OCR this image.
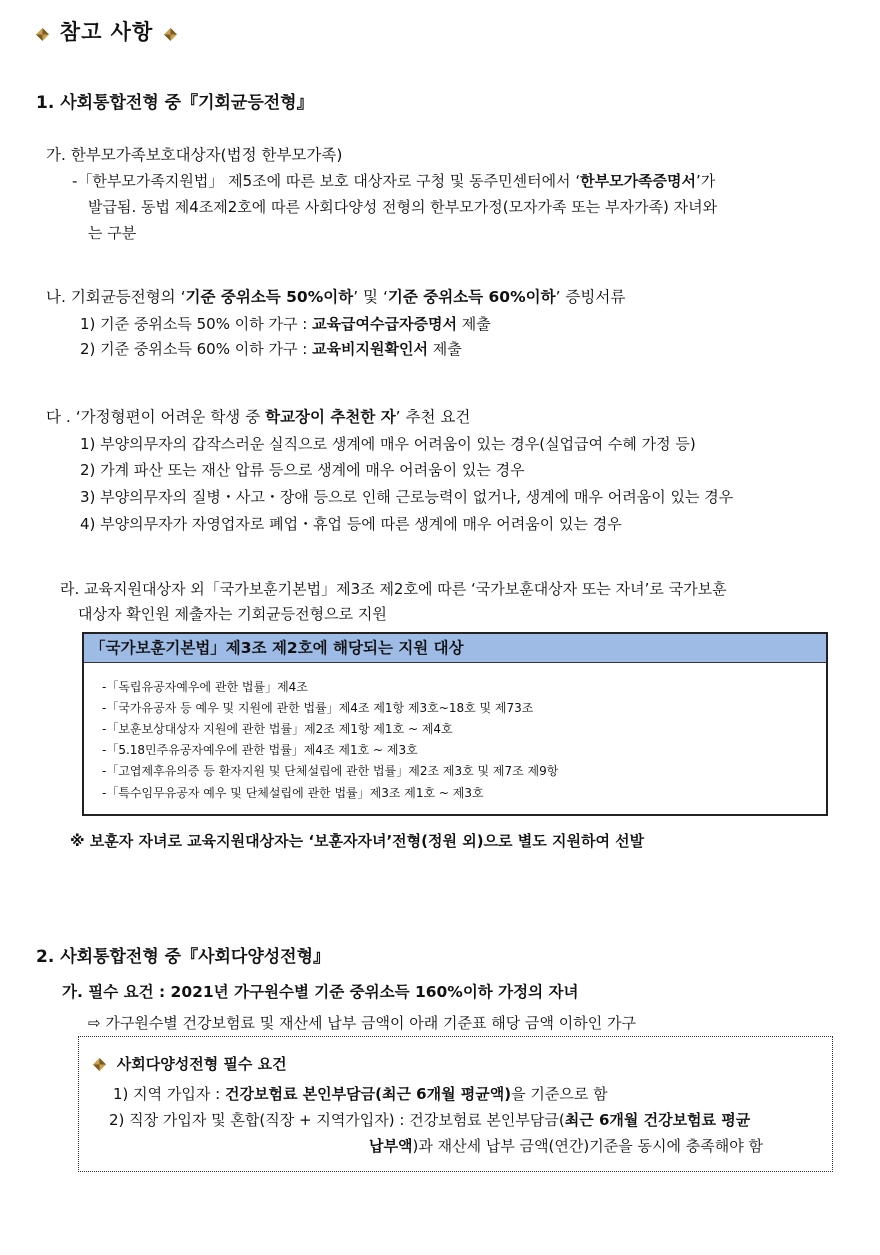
참고 사항
1. 사회통합전형 중『기회균등전형』
가. 한부모가족보호대상자(법정 한부모가족)
-「한부모가족지원법」 제5조에 따른 보호 대상자로 구청 및 동주민센터에서 ‘한부모가족증명서’가
발급됨. 동법 제4조제2호에 따른 사회다양성 전형의 한부모가정(모자가족 또는 부자가족) 자녀와
는 구분
나. 기회균등전형의 ‘기준 중위소득 50%이하’ 및 ‘기준 중위소득 60%이하’ 증빙서류
1) 기준 중위소득 50% 이하 가구 : 교육급여수급자증명서 제출
2) 기준 중위소득 60% 이하 가구 : 교육비지원확인서 제출
다 . ‘가정형편이 어려운 학생 중 학교장이 추천한 자’ 추천 요건
1) 부양의무자의 갑작스러운 실직으로 생계에 매우 어려움이 있는 경우(실업급여 수혜 가정 등)
2) 가계 파산 또는 재산 압류 등으로 생계에 매우 어려움이 있는 경우
3) 부양의무자의 질병・사고・장애 등으로 인해 근로능력이 없거나, 생계에 매우 어려움이 있는 경우
4) 부양의무자가 자영업자로 폐업・휴업 등에 따른 생계에 매우 어려움이 있는 경우
라. 교육지원대상자 외「국가보훈기본법」제3조 제2호에 따른 ‘국가보훈대상자 또는 자녀’로 국가보훈
대상자 확인원 제출자는 기회균등전형으로 지원
「국가보훈기본법」제3조 제2호에 해당되는 지원 대상
-「독립유공자예우에 관한 법률」제4조
-「국가유공자 등 예우 및 지원에 관한 법률」제4조 제1항 제3호~18호 및 제73조
-「보훈보상대상자 지원에 관한 법률」제2조 제1항 제1호 ~ 제4호
-「5.18민주유공자예우에 관한 법률」제4조 제1호 ~ 제3호
-「고엽제후유의증 등 환자지원 및 단체설립에 관한 법률」제2조 제3호 및 제7조 제9항
-「특수임무유공자 예우 및 단체설립에 관한 법률」제3조 제1호 ~ 제3호
※ 보훈자 자녀로 교육지원대상자는 ‘보훈자자녀’전형(정원 외)으로 별도 지원하여 선발
2. 사회통합전형 중『사회다양성전형』
가. 필수 요건 : 2021년 가구원수별 기준 중위소득 160%이하 가정의 자녀
⇨ 가구원수별 건강보험료 및 재산세 납부 금액이 아래 기준표 해당 금액 이하인 가구
사회다양성전형 필수 요건
1) 지역 가입자 : 건강보험료 본인부담금(최근 6개월 평균액)을 기준으로 함
2) 직장 가입자 및 혼합(직장 + 지역가입자) : 건강보험료 본인부담금(최근 6개월 건강보험료 평균
납부액)과 재산세 납부 금액(연간)기준을 동시에 충족해야 함
